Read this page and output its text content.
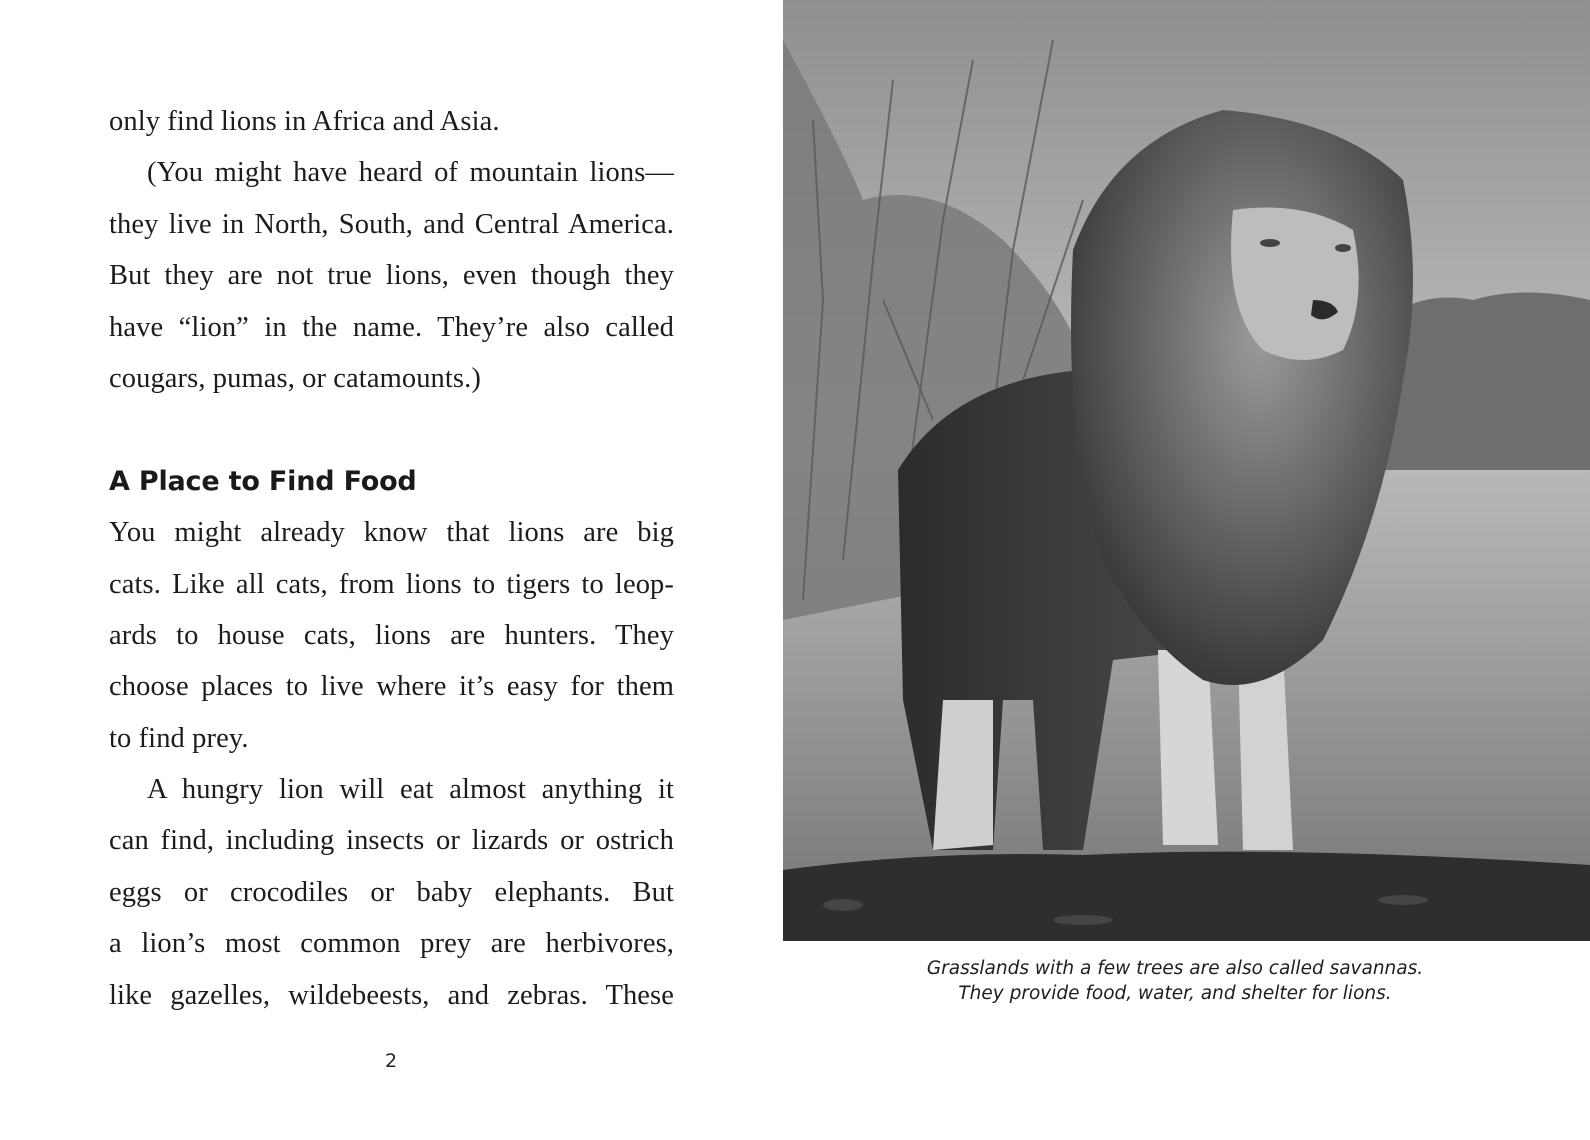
only find lions in Africa and Asia.
(You might have heard of mountain lions—
they live in North, South, and Central America.
But they are not true lions, even though they
have “lion” in the name. They’re also called
cougars, pumas, or catamounts.)
A Place to Find Food
You might already know that lions are big
cats. Like all cats, from lions to tigers to leop-
ards to house cats, lions are hunters. They
choose places to live where it’s easy for them
to find prey.
A hungry lion will eat almost anything it
can find, including insects or lizards or ostrich
eggs or crocodiles or baby elephants. But
a lion’s most common prey are herbivores,
like gazelles, wildebeests, and zebras. These
2
Grasslands with a few trees are also called savannas.
They provide food, water, and shelter for lions.
